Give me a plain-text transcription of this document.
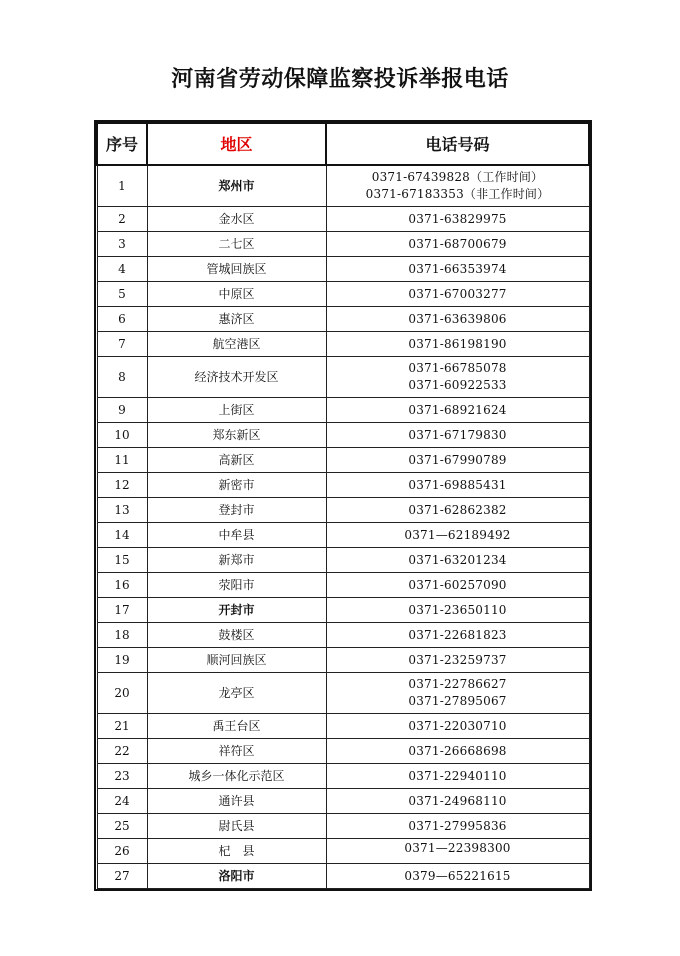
河南省劳动保障监察投诉举报电话
序号	地区	电话号码
1	郑州市	0371-67439828（工作时间）
0371-67183353（非工作时间）

2	金水区	0371-63829975

3	二七区	0371-68700679

4	管城回族区	0371-66353974

5	中原区	0371-67003277

6	惠济区	0371-63639806

7	航空港区	0371-86198190

8	经济技术开发区	0371-66785078
0371-60922533

9	上街区	0371-68921624

10	郑东新区	0371-67179830

11	高新区	0371-67990789

12	新密市	0371-69885431

13	登封市	0371-62862382

14	中牟县	0371—62189492

15	新郑市	0371-63201234

16	荥阳市	0371-60257090

17	开封市	0371-23650110

18	鼓楼区	0371-22681823

19	顺河回族区	0371-23259737

20	龙亭区	0371-22786627
0371-27895067

21	禹王台区	0371-22030710

22	祥符区	0371-26668698

23	城乡一体化示范区	0371-22940110

24	通许县	0371-24968110

25	尉氏县	0371-27995836

26	杞　县	0371—22398300

27	洛阳市	0379—65221615
